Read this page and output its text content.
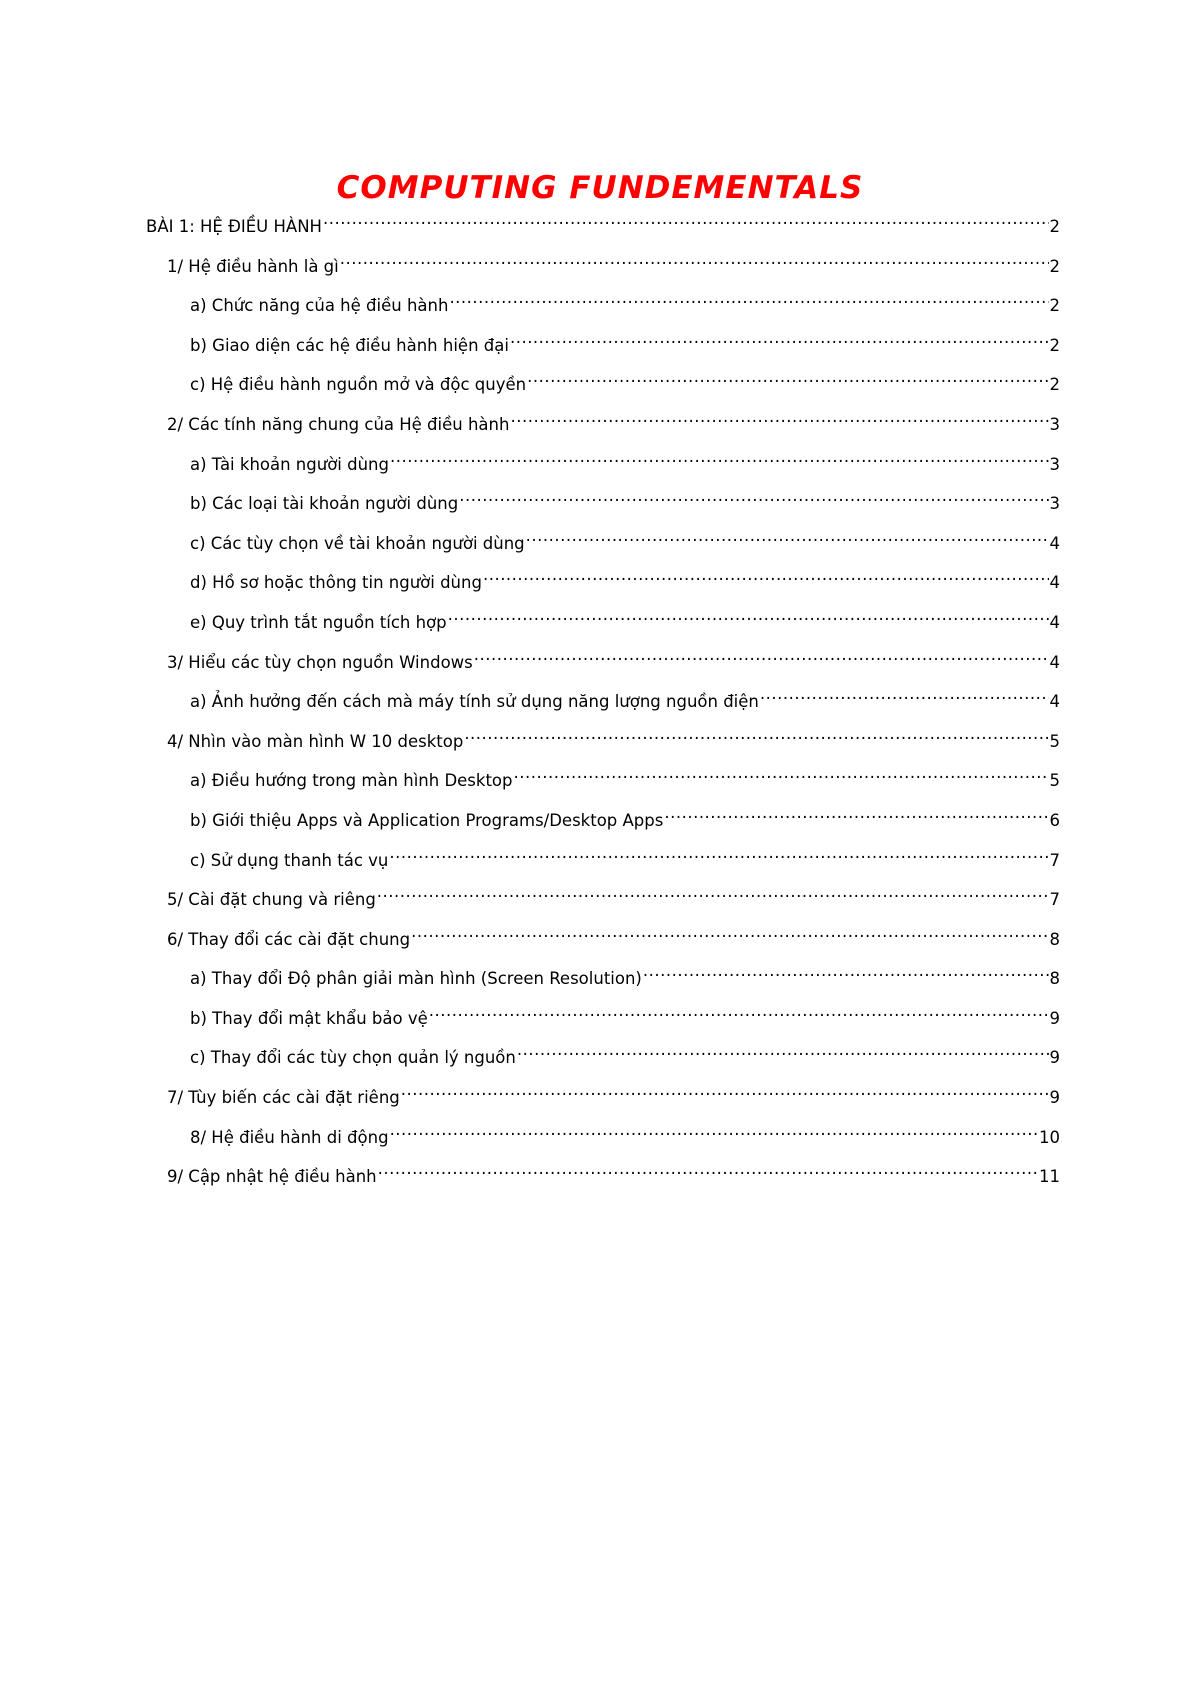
COMPUTING FUNDEMENTALS
BÀI 1: HỆ ĐIỀU HÀNH .....	2
1/ Hệ điều hành là gì .....	2
a) Chức năng của hệ điều hành .....	2
b) Giao diện các hệ điều hành hiện đại .....	2
c) Hệ điều hành nguồn mở và độc quyền .....	2
2/ Các tính năng chung của Hệ điều hành .....	3
a) Tài khoản người dùng .....	3
b) Các loại tài khoản người dùng .....	3
c) Các tùy chọn về tài khoản người dùng .....	4
d) Hồ sơ hoặc thông tin người dùng .....	4
e) Quy trình tắt nguồn tích hợp .....	4
3/ Hiểu các tùy chọn nguồn Windows .....	4
a) Ảnh hưởng đến cách mà máy tính sử dụng năng lượng nguồn điện .....	4
4/ Nhìn vào màn hình W 10 desktop .....	5
a) Điều hướng trong màn hình Desktop .....	5
b) Giới thiệu Apps và Application Programs/Desktop Apps .....	6
c) Sử dụng thanh tác vụ .....	7
5/ Cài đặt chung và riêng .....	7
6/ Thay đổi các cài đặt chung .....	8
a) Thay đổi Độ phân giải màn hình (Screen Resolution) .....	8
b) Thay đổi mật khẩu bảo vệ .....	9
c) Thay đổi các tùy chọn quản lý nguồn .....	9
7/ Tùy biến các cài đặt riêng .....	9
8/ Hệ điều hành di động .....	10
9/ Cập nhật hệ điều hành .....	11
